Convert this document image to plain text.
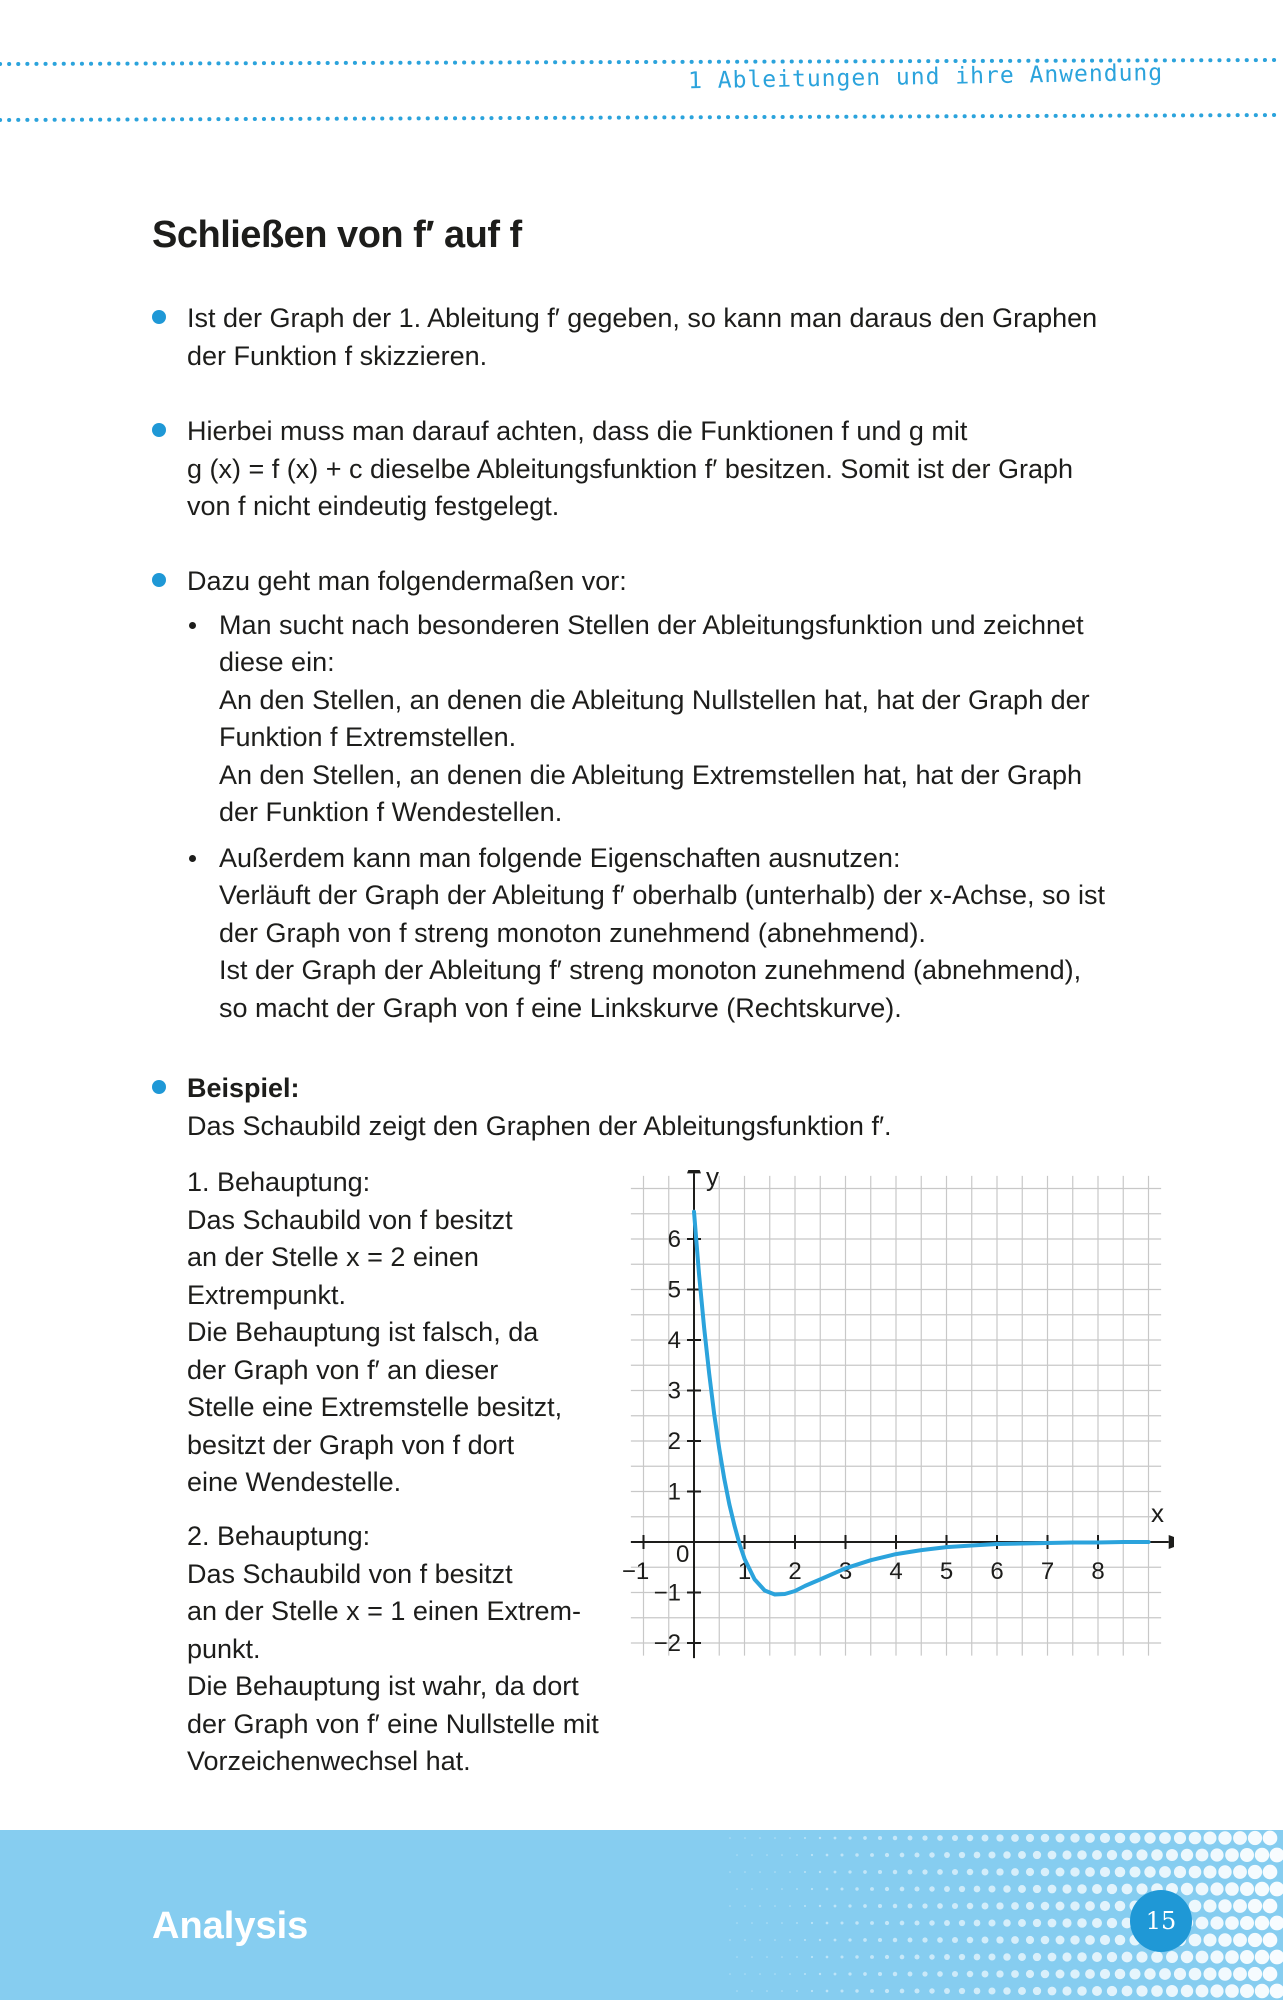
1 Ableitungen und ihre Anwendung
Schließen von f′ auf f

Ist der Graph der 1. Ableitung f′ gegeben, so kann man daraus den Graphen

der Funktion f skizzieren.

Hierbei muss man darauf achten, dass die Funktionen f und g mit

g (x) = f (x) + c dieselbe Ableitungsfunktion f′ besitzen. Somit ist der Graph

von f nicht eindeutig festgelegt.

Dazu geht man folgendermaßen vor:

Man sucht nach besonderen Stellen der Ableitungsfunktion und zeichnet

diese ein:

An den Stellen, an denen die Ableitung Nullstellen hat, hat der Graph der

Funktion f Extremstellen.

An den Stellen, an denen die Ableitung Extremstellen hat, hat der Graph

der Funktion f Wendestellen.

Außerdem kann man folgende Eigenschaften ausnutzen:

Verläuft der Graph der Ableitung f′ oberhalb (unterhalb) der x-Achse, so ist

der Graph von f streng monoton zunehmend (abnehmend).

Ist der Graph der Ableitung f′ streng monoton zunehmend (abnehmend),

so macht der Graph von f eine Linkskurve (Rechtskurve).

Beispiel:

Das Schaubild zeigt den Graphen der Ableitungsfunktion f′.

1. Behauptung:

Das Schaubild von f besitzt

an der Stelle x = 2 einen

Extrempunkt.

Die Behauptung ist falsch, da

der Graph von f′ an dieser

Stelle eine Extremstelle besitzt,

besitzt der Graph von f dort

eine Wendestelle.

2. Behauptung:

Das Schaubild von f besitzt

an der Stelle x = 1 einen Extrem-

punkt.

Die Behauptung ist wahr, da dort

der Graph von f′ eine Nullstelle mit

Vorzeichenwechsel hat.

−1	1 2 3 4 5 6 7 8
−2
−1
1
2
3
4
5
6
0
x
y
Analysis	15
